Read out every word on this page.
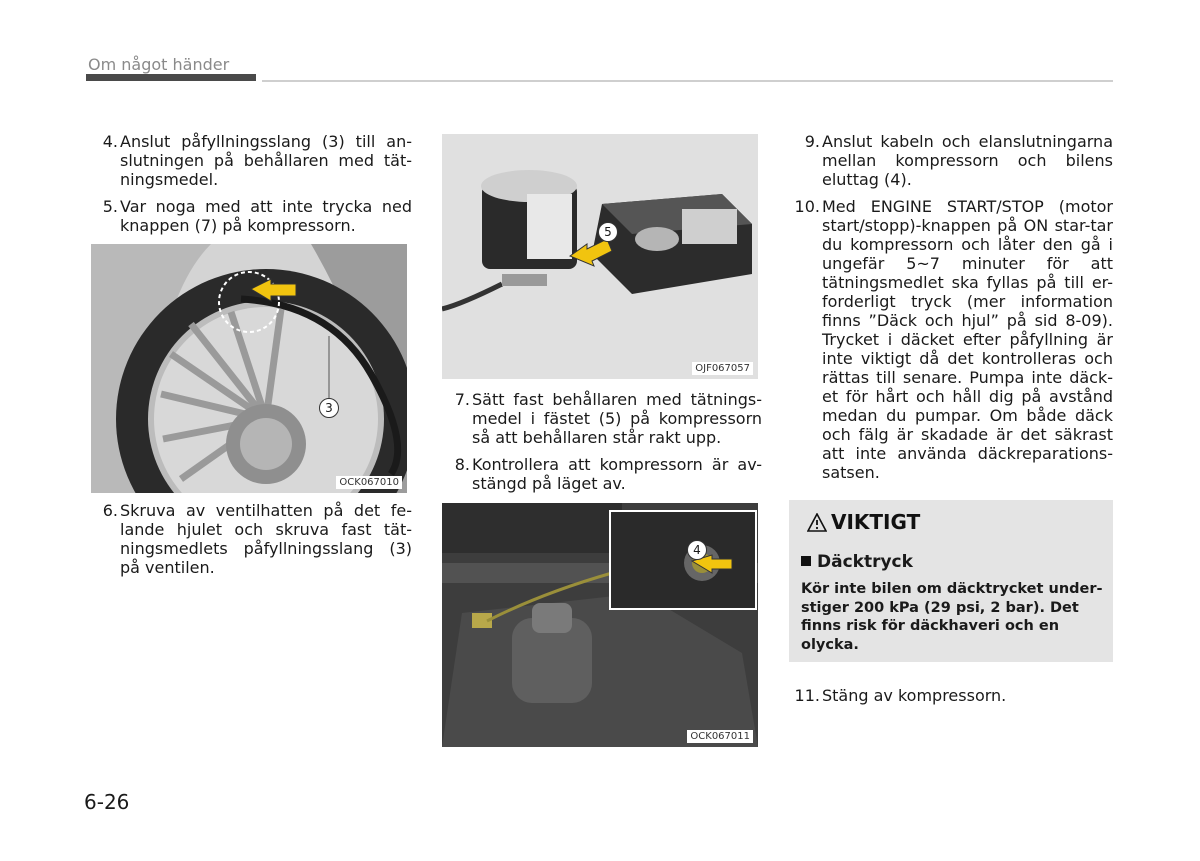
Om något händer
4. Anslut påfyllningsslang (3) till an-slutningen på behållaren med tät-ningsmedel.
5. Var noga med att inte trycka ned knappen (7) på kompressorn.
3
OCK067010
6. Skruva av ventilhatten på det fe-lande hjulet och skruva fast tät-ningsmedlets påfyllningsslang (3) på ventilen.
5
OJF067057
7. Sätt fast behållaren med tätnings-medel i fästet (5) på kompressorn så att behållaren står rakt upp.
8. Kontrollera att kompressorn är av-stängd på läget av.
4
OCK067011
9. Anslut kabeln och elanslutningarna mellan kompressorn och bilens eluttag (4).
10. Med ENGINE START/STOP (motor start/stopp)-knappen på ON star-tar du kompressorn och låter den gå i ungefär 5~7 minuter för att tätningsmedlet ska fyllas på till er-forderligt tryck (mer information finns ”Däck och hjul” på sid 8-09). Trycket i däcket efter påfyllning är inte viktigt då det kontrolleras och rättas till senare. Pumpa inte däck-et för hårt och håll dig på avstånd medan du pumpar. Om både däck och fälg är skadade är det säkrast att inte använda däckreparations-satsen.
VIKTIGT
Däcktryck
Kör inte bilen om däcktrycket under-stiger 200 kPa (29 psi, 2 bar). Det finns risk för däckhaveri och en olycka.
11. Stäng av kompressorn.
6-26
